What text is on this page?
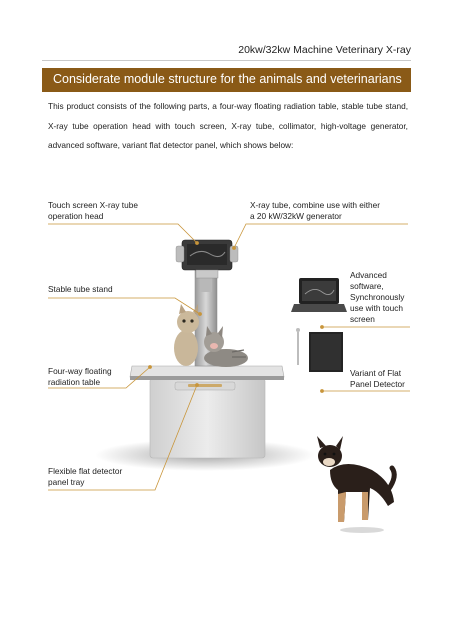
20kw/32kw Machine Veterinary X-ray
Considerate module structure for the animals and veterinarians
This product consists of the following parts, a four-way floating radiation table, stable tube stand, X-ray tube operation head with touch screen, X-ray tube, collimator, high-voltage generator, advanced software, variant flat detector panel, which shows below:
Touch screen X-ray tube
operation head
X-ray tube, combine use with either
a 20 kW/32kW generator
Stable tube stand
Advanced
software,
Synchronously
use with touch
screen
Four-way floating
radiation table
Variant of Flat
Panel Detector
Flexible flat detector
panel tray
